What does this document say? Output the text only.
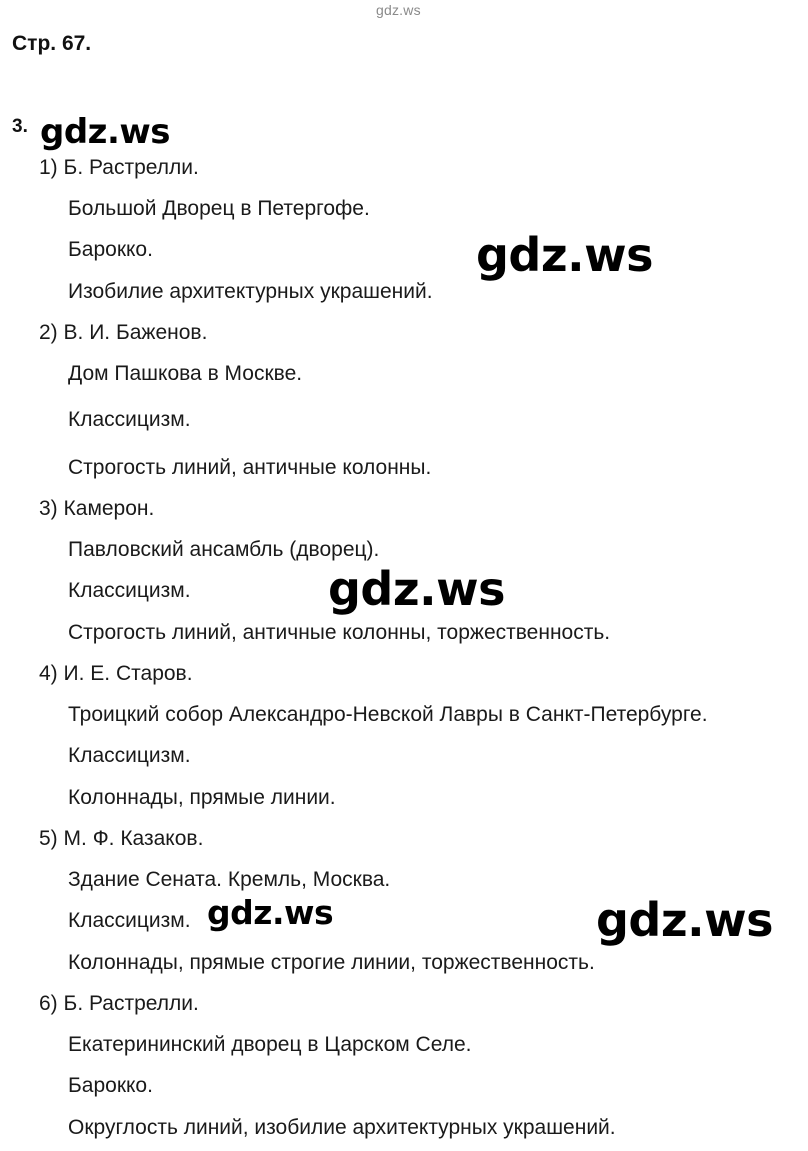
gdz.ws
Стр. 67.
3.
1) Б. Растрелли.
Большой Дворец в Петергофе.
Барокко.
Изобилие архитектурных украшений.
2) В. И. Баженов.
Дом Пашкова в Москве.
Классицизм.
Строгость линий, античные колонны.
3) Камерон.
Павловский ансамбль (дворец).
Классицизм.
Строгость линий, античные колонны, торжественность.
4) И. Е. Старов.
Троицкий собор Александро-Невской Лавры в Санкт-Петербурге.
Классицизм.
Колоннады, прямые линии.
5) М. Ф. Казаков.
Здание Сената. Кремль, Москва.
Классицизм.
Колоннады, прямые строгие линии, торжественность.
6) Б. Растрелли.
Екатерининский дворец в Царском Селе.
Барокко.
Округлость линий, изобилие архитектурных украшений.
gdz.ws
gdz.ws
gdz.ws
gdz.ws	gdz.ws
